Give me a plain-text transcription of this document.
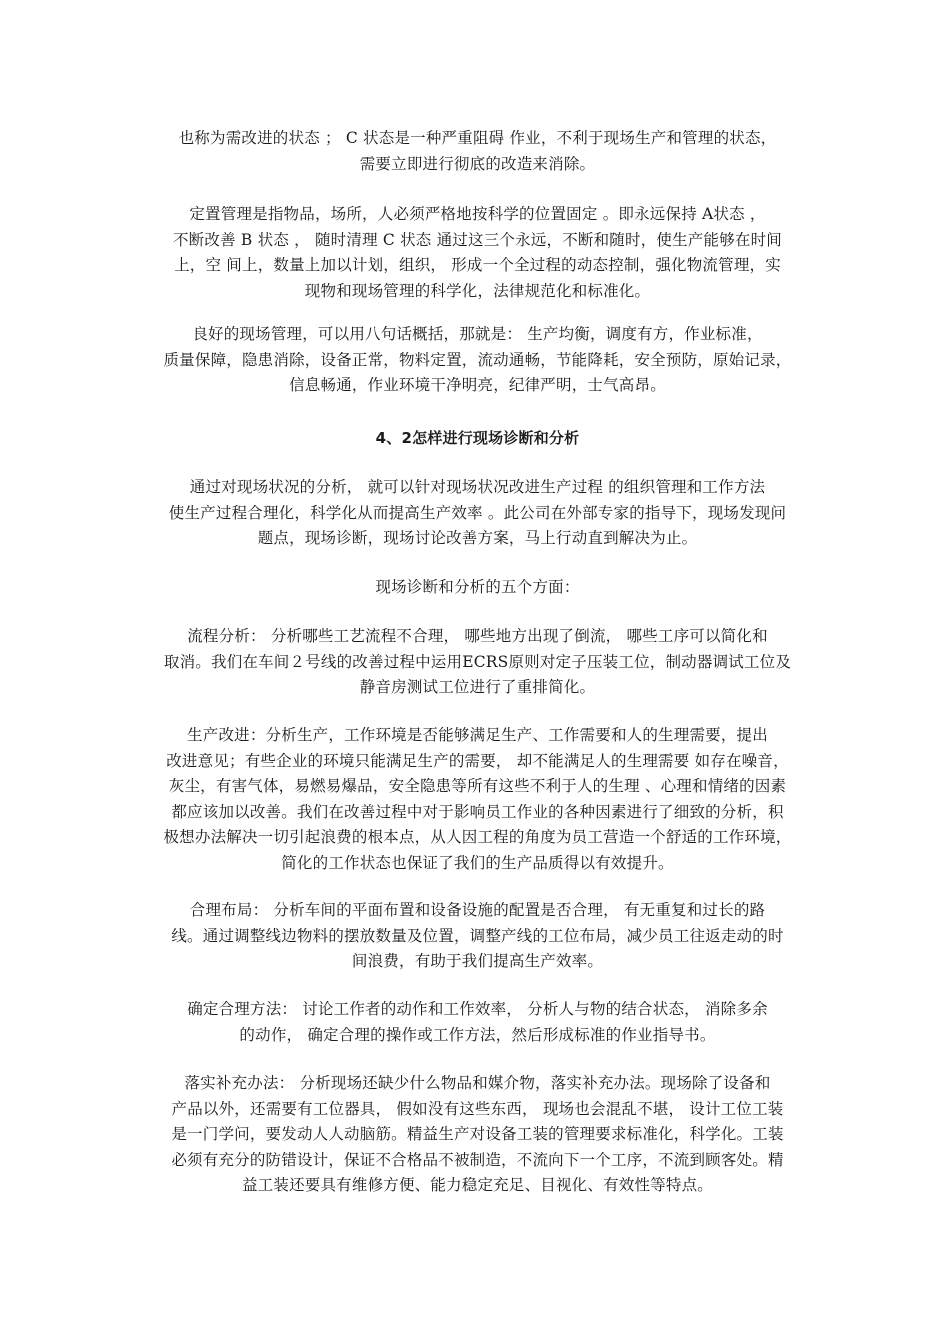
也称为需改进的状态 ； C 状态是一种严重阻碍 作业，不利于现场生产和管理的状态，
需要立即进行彻底的改造来消除。
定置管理是指物品，场所，人必须严格地按科学的位置固定 。即永远保持 A状态 ，
不断改善 B 状态 ， 随时清理 C 状态 通过这三个永远，不断和随时，使生产能够在时间
上，空 间上，数量上加以计划，组织， 形成一个全过程的动态控制，强化物流管理，实
现物和现场管理的科学化，法律规范化和标准化。
良好的现场管理，可以用八句话概括，那就是： 生产均衡，调度有方，作业标准，
质量保障，隐患消除，设备正常，物料定置，流动通畅，节能降耗，安全预防，原始记录，
信息畅通，作业环境干净明亮，纪律严明，士气高昂。
4、2怎样进行现场诊断和分析
通过对现场状况的分析， 就可以针对现场状况改进生产过程 的组织管理和工作方法
使生产过程合理化，科学化从而提高生产效率 。此公司在外部专家的指导下，现场发现问
题点，现场诊断，现场讨论改善方案，马上行动直到解决为止。
现场诊断和分析的五个方面：
流程分析： 分析哪些工艺流程不合理， 哪些地方出现了倒流， 哪些工序可以简化和
取消。我们在车间２号线的改善过程中运用ECRS原则对定子压装工位，制动器调试工位及
静音房测试工位进行了重排简化。
生产改进：分析生产，工作环境是否能够满足生产、工作需要和人的生理需要，提出
改进意见；有些企业的环境只能满足生产的需要， 却不能满足人的生理需要 如存在噪音，
灰尘，有害气体，易燃易爆品，安全隐患等所有这些不利于人的生理 、心理和情绪的因素
都应该加以改善。我们在改善过程中对于影响员工作业的各种因素进行了细致的分析，积
极想办法解决一切引起浪费的根本点，从人因工程的角度为员工营造一个舒适的工作环境，
简化的工作状态也保证了我们的生产品质得以有效提升。
合理布局： 分析车间的平面布置和设备设施的配置是否合理， 有无重复和过长的路
线。通过调整线边物料的摆放数量及位置，调整产线的工位布局，减少员工往返走动的时
间浪费，有助于我们提高生产效率。
确定合理方法： 讨论工作者的动作和工作效率， 分析人与物的结合状态， 消除多余
的动作， 确定合理的操作或工作方法，然后形成标准的作业指导书。
落实补充办法： 分析现场还缺少什么物品和媒介物，落实补充办法。现场除了设备和
产品以外，还需要有工位器具， 假如没有这些东西， 现场也会混乱不堪， 设计工位工装
是一门学问，要发动人人动脑筋。精益生产对设备工装的管理要求标准化，科学化。工装
必须有充分的防错设计，保证不合格品不被制造，不流向下一个工序，不流到顾客处。精
益工装还要具有维修方便、能力稳定充足、目视化、有效性等特点。
